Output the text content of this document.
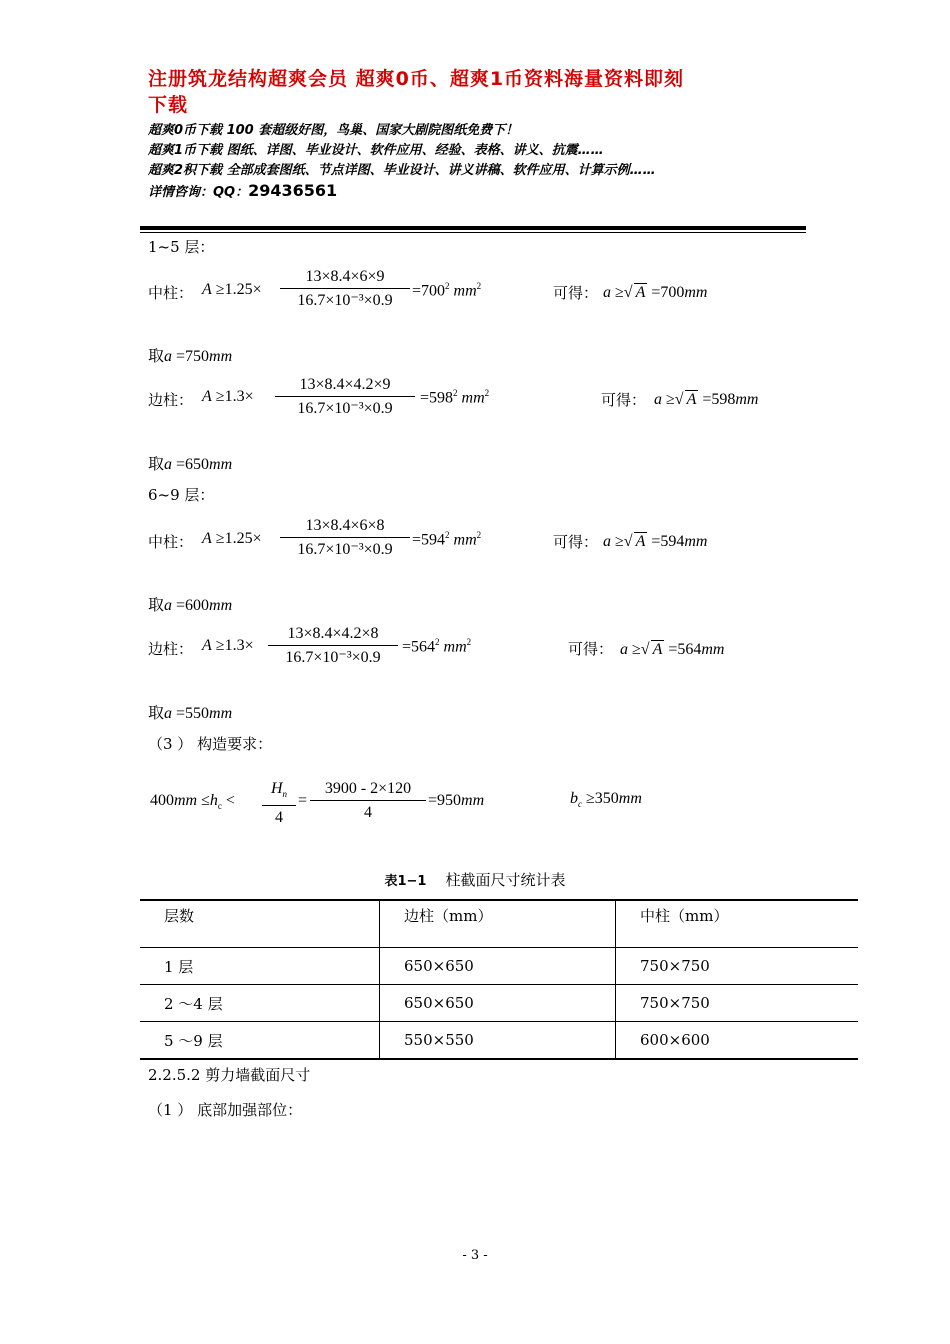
注册筑龙结构超爽会员 超爽0币、超爽1币资料海量资料即刻
下载
超爽0币下载 100 套超级好图，鸟巢、国家大剧院图纸免费下！
超爽1币下载 图纸、详图、毕业设计、软件应用、经验、表格、讲义、抗震……
超爽2积下载 全部成套图纸、节点详图、毕业设计、讲义讲稿、软件应用、计算示例……
详情咨询：QQ：29436561
1~5 层：
中柱： $A \ge 1.25\times \frac{13\times 8.4\times 6\times 9}{\text{16.7×10⁻³×0.9}} =700^2$ $mm^2$	可得： a ≥√ A =700mm
取a =750mm
边柱： $A \ge 1.3\times \frac{13\times 8.4\times 4.2\times 9}{\text{16.7×10⁻³×0.9}} =598^2$ $mm^2$	可得： a ≥√ A =598mm
取a =650mm
6~9 层：
中柱： $A \ge 1.25\times \frac{13\times 8.4\times 6\times 8}{\text{16.7×10⁻³×0.9}} =594^2$ $mm^2$	可得： a ≥√ A =594mm
取a =600mm
边柱： $A \ge 1.3\times \frac{13\times 8.4\times 4.2\times 8}{\text{16.7×10⁻³×0.9}} =564^2$ $mm^2$	可得： a ≥√ A =564mm
取a =550mm
（3 ） 构造要求：
$400mm \le h_c < \frac{H_n}{4} = \frac{3900 - 2\times 120}{4} =950mm$	$b_c \ge 350mm$
表1−1 柱截面尺寸统计表
层数	边柱（mm）	中柱（mm）
1 层	650×650	750×750
2 ～4 层	650×650	750×750
5 ～9 层	550×550	600×600
2.2.5.2 剪力墙截面尺寸
（1 ） 底部加强部位：
- 3 -
